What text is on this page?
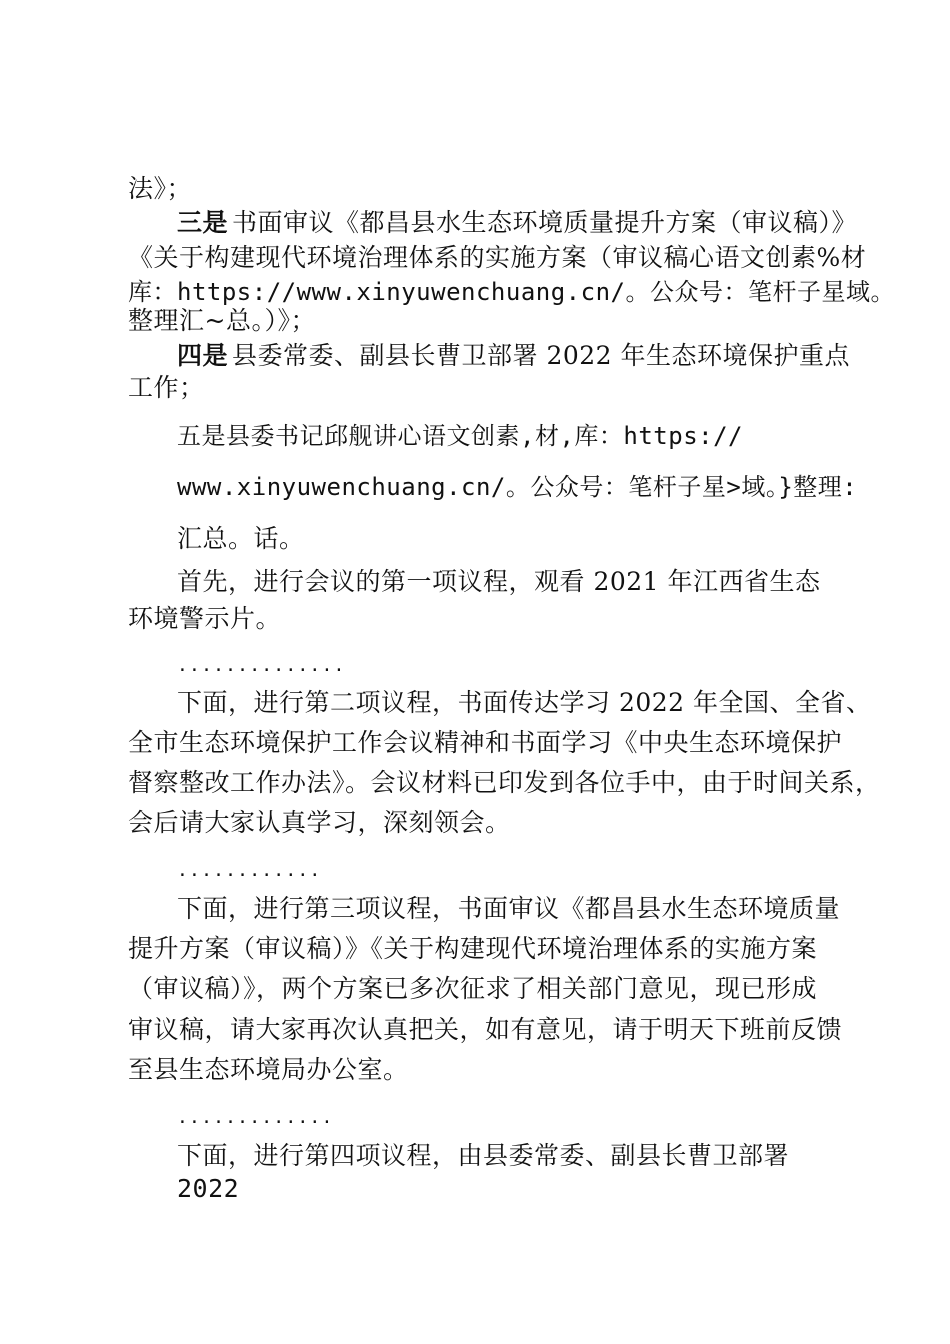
法》；
三是 书面审议《都昌县水生态环境质量提升方案（审议稿）》
《关于构建现代环境治理体系的实施方案（审议稿心语文创素%材
库：https://www.xinyuwenchuang.cn/。公众号：笔杆子星域。
整理汇~总。）》；
四是 县委常委、副县长曹卫部署 2022 年生态环境保护重点
工作；
五是县委书记邱舰讲心语文创素,材,库：https://
www.xinyuwenchuang.cn/。公众号：笔杆子星>域。}整理:
汇总。话。
首先，进行会议的第一项议程，观看 2021 年江西省生态
环境警示片。
..............
下面，进行第二项议程，书面传达学习 2022 年全国、全省、
全市生态环境保护工作会议精神和书面学习《中央生态环境保护
督察整改工作办法》。会议材料已印发到各位手中，由于时间关系，
会后请大家认真学习，深刻领会。
............
下面，进行第三项议程，书面审议《都昌县水生态环境质量
提升方案（审议稿）》《关于构建现代环境治理体系的实施方案
（审议稿）》，两个方案已多次征求了相关部门意见，现已形成
审议稿，请大家再次认真把关，如有意见，请于明天下班前反馈
至县生态环境局办公室。
.............
下面，进行第四项议程，由县委常委、副县长曹卫部署
2022
